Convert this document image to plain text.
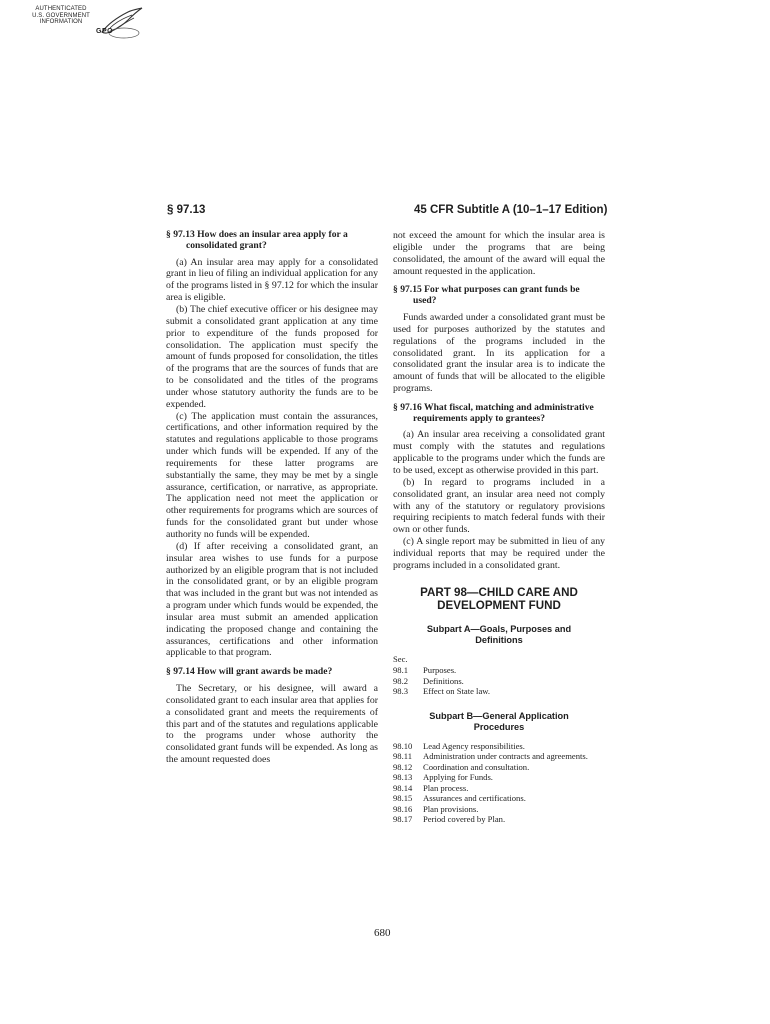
AUTHENTICATED
U.S. GOVERNMENT
INFORMATION
GPO
§ 97.13	45 CFR Subtitle A (10–1–17 Edition)
§ 97.13 How does an insular area apply for a consolidated grant?

(a) An insular area may apply for a consolidated grant in lieu of filing an individual application for any of the programs listed in § 97.12 for which the insular area is eligible.

(b) The chief executive officer or his designee may submit a consolidated grant application at any time prior to expenditure of the funds proposed for consolidation. The application must specify the amount of funds proposed for consolidation, the titles of the programs that are the sources of funds that are to be consolidated and the titles of the programs under whose statutory authority the funds are to be expended.

(c) The application must contain the assurances, certifications, and other information required by the statutes and regulations applicable to those programs under which funds will be expended. If any of the requirements for these latter programs are substantially the same, they may be met by a single assurance, certification, or narrative, as appropriate. The application need not meet the application or other requirements for programs which are sources of funds for the consolidated grant but under whose authority no funds will be expended.

(d) If after receiving a consolidated grant, an insular area wishes to use funds for a purpose authorized by an eligible program that is not included in the consolidated grant, or by an eligible program that was included in the grant but was not intended as a program under which funds would be expended, the insular area must submit an amended application indicating the proposed change and containing the assurances, certifications and other information applicable to that program.

§ 97.14 How will grant awards be made?

The Secretary, or his designee, will award a consolidated grant to each insular area that applies for a consolidated grant and meets the requirements of this part and of the statutes and regulations applicable to the programs under whose authority the consolidated grant funds will be expended. As long as the amount requested does

not exceed the amount for which the insular area is eligible under the programs that are being consolidated, the amount of the award will equal the amount requested in the application.

§ 97.15 For what purposes can grant funds be used?

Funds awarded under a consolidated grant must be used for purposes authorized by the statutes and regulations of the programs included in the consolidated grant. In its application for a consolidated grant the insular area is to indicate the amount of funds that will be allocated to the eligible programs.

§ 97.16 What fiscal, matching and administrative requirements apply to grantees?

(a) An insular area receiving a consolidated grant must comply with the statutes and regulations applicable to the programs under which the funds are to be used, except as otherwise provided in this part.

(b) In regard to programs included in a consolidated grant, an insular area need not comply with any of the statutory or regulatory provisions requiring recipients to match federal funds with their own or other funds.

(c) A single report may be submitted in lieu of any individual reports that may be required under the programs included in a consolidated grant.

PART 98—CHILD CARE AND
DEVELOPMENT FUND
Subpart A—Goals, Purposes and
Definitions
Sec.
98.1	Purposes.
98.2	Definitions.
98.3	Effect on State law.
Subpart B—General Application
Procedures
98.10	Lead Agency responsibilities.
98.11	Administration under contracts and agreements.
98.12	Coordination and consultation.
98.13	Applying for Funds.
98.14	Plan process.
98.15	Assurances and certifications.
98.16	Plan provisions.
98.17	Period covered by Plan.
680
